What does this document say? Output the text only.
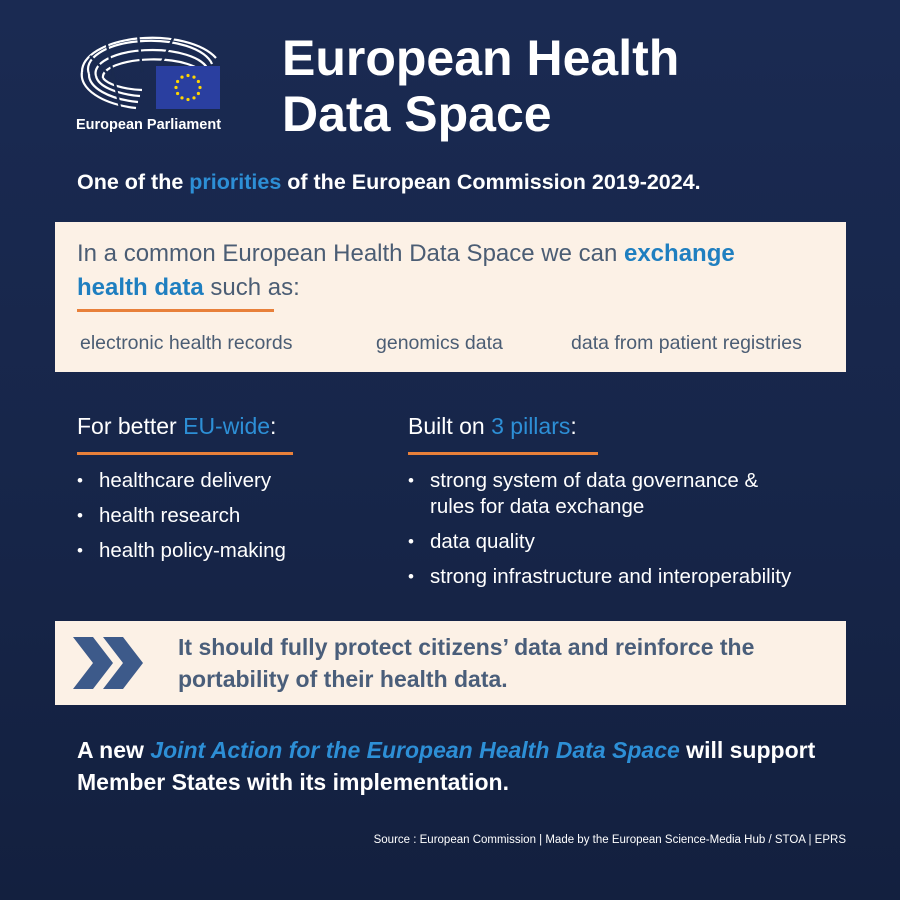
European Parliament
European Health
Data Space
One of the priorities of the European Commission 2019-2024.
In a common European Health Data Space we can exchange health data such as:
electronic health records	genomics data	data from patient registries
For better EU-wide:
• healthcare delivery
• health research
• health policy-making
Built on 3 pillars:
• strong system of data governance & rules for data exchange
• data quality
• strong infrastructure and interoperability
It should fully protect citizens’ data and reinforce the portability of their health data.
A new Joint Action for the European Health Data Space will support Member States with its implementation.
Source : European Commission | Made by the European Science-Media Hub / STOA | EPRS
